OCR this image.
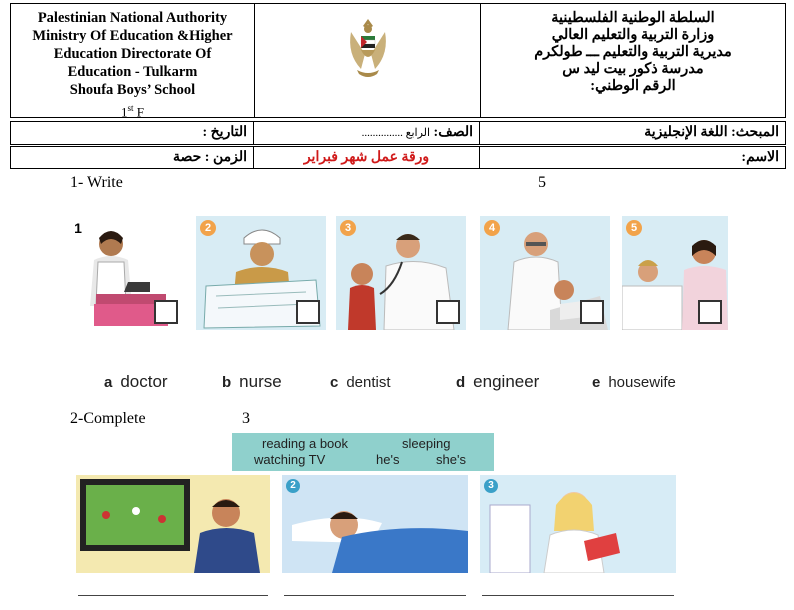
Palestinian National Authority
Ministry Of Education &Higher
Education Directorate Of
Education - Tulkarm
Shoufa Boys’ School
1st F
السلطة الوطنية الفلسطينية
وزارة التربية والتعليم العالي
مديرية التربية والتعليم ـــ طولكرم
مدرسة ذكور بيت ليد س
الرقم الوطني:
المبحث: اللغة الإنجليزية
الصف: الرابع ...............
التاريخ :
الاسم:
ورقة عمل شهر فبراير
الزمن : حصة
1- Write	5
1	2	3	4	5
a doctor	b nurse	c dentist	d engineer	e housewife
2-Complete	3
reading a book	sleeping
watching TV	he's	she's
2	3
